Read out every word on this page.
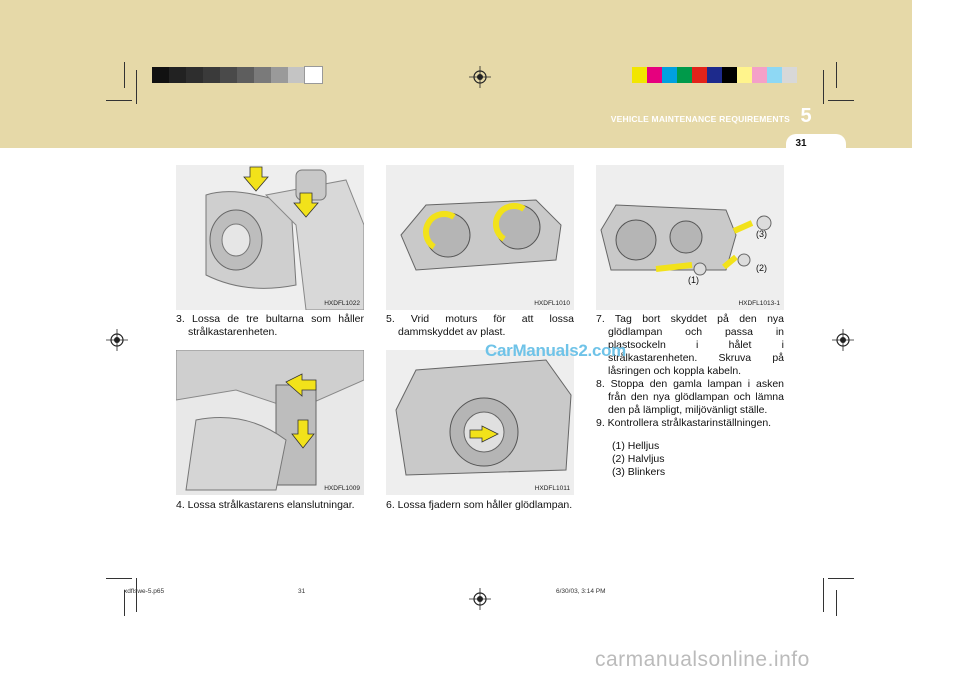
VEHICLE MAINTENANCE REQUIREMENTS 5
31
HXDFL1022	HXDFL1010
(3)
(2)
(1)
HXDFL1013-1
HXDFL1009	HXDFL1011
3. Lossa de tre bultarna som håller strålkastarenheten.
4. Lossa strålkastarens elanslutningar.
5. Vrid moturs för att lossa dammskyddet av plast.
6. Lossa fjadern som håller glödlampan.
7. Tag bort skyddet på den nya glödlampan och passa in plastsockeln i hålet i strålkastarenheten. Skruva på låsringen och koppla kabeln.
8. Stoppa den gamla lampan i asken från den nya glödlampan och lämna den på lämpligt, miljövänligt ställe.
9. Kontrollera strålkastarinställningen.
(1) Helljus
(2) Halvljus
(3) Blinkers
CarManuals2.com
xdflswe-5.p65	31	6/30/03, 3:14 PM
carmanualsonline.info
